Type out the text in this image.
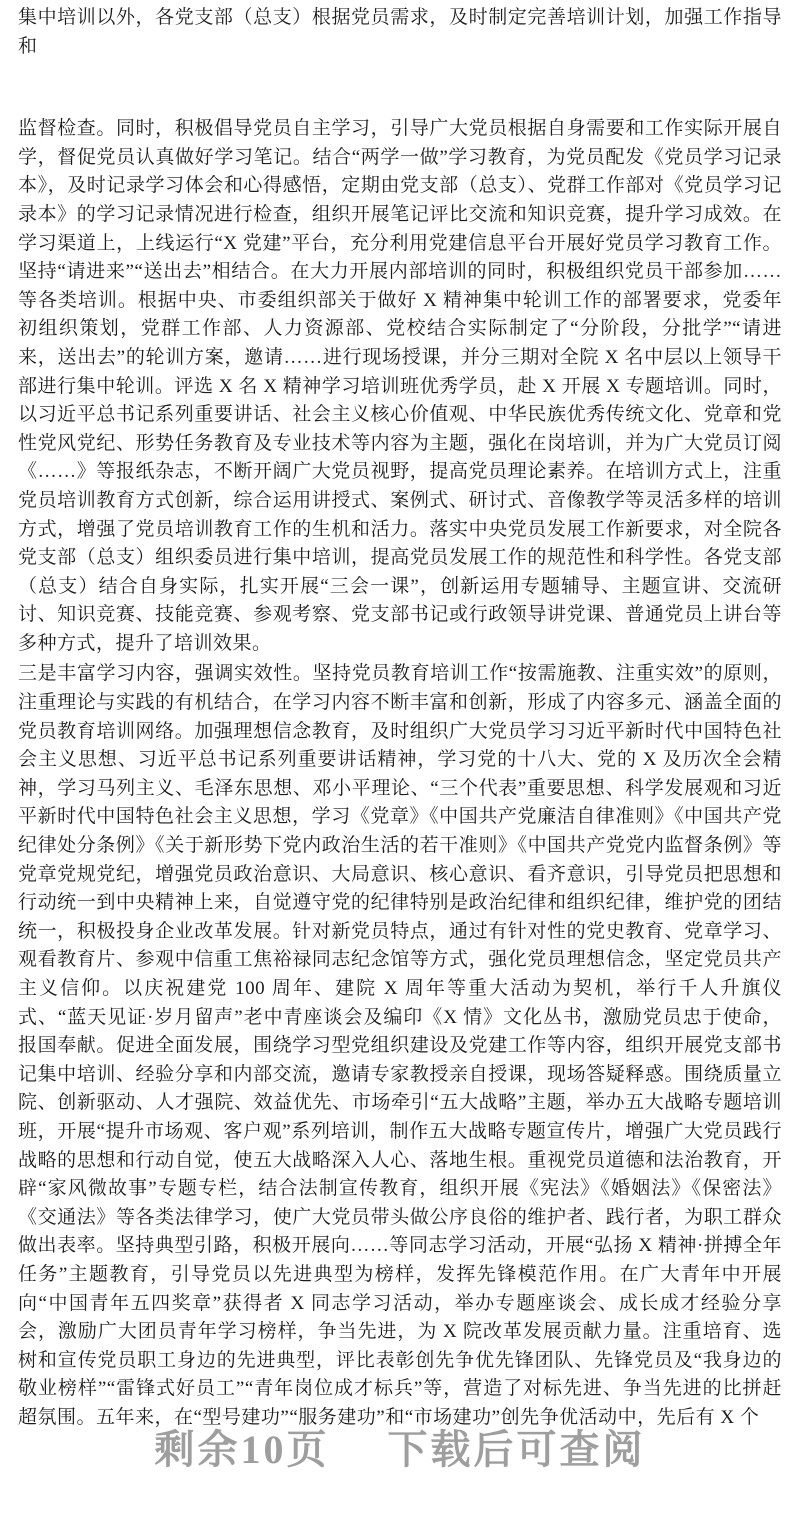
集中培训以外，各党支部（总支）根据党员需求，及时制定完善培训计划，加强工作指导和

监督检查。同时，积极倡导党员自主学习，引导广大党员根据自身需要和工作实际开展自学，督促党员认真做好学习笔记。结合“两学一做”学习教育，为党员配发《党员学习记录本》，及时记录学习体会和心得感悟，定期由党支部（总支）、党群工作部对《党员学习记录本》的学习记录情况进行检查，组织开展笔记评比交流和知识竞赛，提升学习成效。在学习渠道上，上线运行“X 党建”平台，充分利用党建信息平台开展好党员学习教育工作。坚持“请进来”“送出去”相结合。在大力开展内部培训的同时，积极组织党员干部参加……等各类培训。根据中央、市委组织部关于做好 X 精神集中轮训工作的部署要求，党委年初组织策划，党群工作部、人力资源部、党校结合实际制定了“分阶段，分批学”“请进来，送出去”的轮训方案，邀请……进行现场授课，并分三期对全院 X 名中层以上领导干部进行集中轮训。评选 X 名 X 精神学习培训班优秀学员，赴 X 开展 X 专题培训。同时，以习近平总书记系列重要讲话、社会主义核心价值观、中华民族优秀传统文化、党章和党性党风党纪、形势任务教育及专业技术等内容为主题，强化在岗培训，并为广大党员订阅《……》等报纸杂志，不断开阔广大党员视野，提高党员理论素养。在培训方式上，注重党员培训教育方式创新，综合运用讲授式、案例式、研讨式、音像教学等灵活多样的培训方式，增强了党员培训教育工作的生机和活力。落实中央党员发展工作新要求，对全院各党支部（总支）组织委员进行集中培训，提高党员发展工作的规范性和科学性。各党支部（总支）结合自身实际，扎实开展“三会一课”，创新运用专题辅导、主题宣讲、交流研讨、知识竞赛、技能竞赛、参观考察、党支部书记或行政领导讲党课、普通党员上讲台等多种方式，提升了培训效果。

三是丰富学习内容，强调实效性。坚持党员教育培训工作“按需施教、注重实效”的原则，注重理论与实践的有机结合，在学习内容不断丰富和创新，形成了内容多元、涵盖全面的党员教育培训网络。加强理想信念教育，及时组织广大党员学习习近平新时代中国特色社会主义思想、习近平总书记系列重要讲话精神，学习党的十八大、党的 X 及历次全会精神，学习马列主义、毛泽东思想、邓小平理论、“三个代表”重要思想、科学发展观和习近平新时代中国特色社会主义思想，学习《党章》《中国共产党廉洁自律准则》《中国共产党纪律处分条例》《关于新形势下党内政治生活的若干准则》《中国共产党党内监督条例》等党章党规党纪，增强党员政治意识、大局意识、核心意识、看齐意识，引导党员把思想和行动统一到中央精神上来，自觉遵守党的纪律特别是政治纪律和组织纪律，维护党的团结统一，积极投身企业改革发展。针对新党员特点，通过有针对性的党史教育、党章学习、观看教育片、参观中信重工焦裕禄同志纪念馆等方式，强化党员理想信念，坚定党员共产主义信仰。以庆祝建党 100 周年、建院 X 周年等重大活动为契机，举行千人升旗仪式、“蓝天见证·岁月留声”老中青座谈会及编印《X 情》文化丛书，激励党员忠于使命，报国奉献。促进全面发展，围绕学习型党组织建设及党建工作等内容，组织开展党支部书记集中培训、经验分享和内部交流，邀请专家教授亲自授课，现场答疑释惑。围绕质量立院、创新驱动、人才强院、效益优先、市场牵引“五大战略”主题，举办五大战略专题培训班，开展“提升市场观、客户观”系列培训，制作五大战略专题宣传片，增强广大党员践行战略的思想和行动自觉，使五大战略深入人心、落地生根。重视党员道德和法治教育，开辟“家风微故事”专题专栏，结合法制宣传教育，组织开展《宪法》《婚姻法》《保密法》《交通法》等各类法律学习，使广大党员带头做公序良俗的维护者、践行者，为职工群众做出表率。坚持典型引路，积极开展向……等同志学习活动，开展“弘扬 X 精神·拼搏全年任务”主题教育，引导党员以先进典型为榜样，发挥先锋模范作用。在广大青年中开展向“中国青年五四奖章”获得者 X 同志学习活动，举办专题座谈会、成长成才经验分享会，激励广大团员青年学习榜样，争当先进，为 X 院改革发展贡献力量。注重培育、选树和宣传党员职工身边的先进典型，评比表彰创先争优先锋团队、先锋党员及“我身边的敬业榜样”“雷锋式好员工”“青年岗位成才标兵”等，营造了对标先进、争当先进的比拼赶超氛围。五年来，在“型号建功”“服务建功”和“市场建功”创先争优活动中，先后有 X 个

剩余10页 下载后可查阅
